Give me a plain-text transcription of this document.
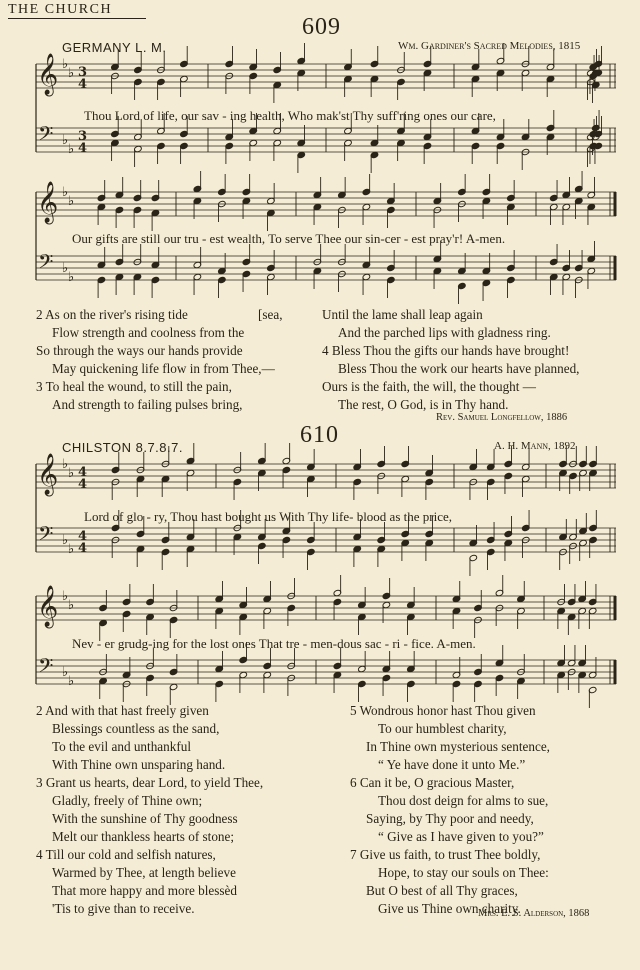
THE CHURCH
609
GERMANY L. M.	Wm. Gardiner's Sacred Melodies, 1815
𝄞
𝄢
♭
♭
♭
♭
3
4
3
4
Thou Lord of life, our sav - ing health, Who mak'st Thy suff'ring ones our care,
𝄞
𝄢
♭
♭
♭
♭
Our gifts are still our tru - est wealth, To serve Thee our sin-cer - est pray'r! A-men.
2 As on the river's rising tide
Flow strength and coolness from the
So through the ways our hands provide
May quickening life flow in from Thee,—
3 To heal the wound, to still the pain,
And strength to failing pulses bring,
[sea,	Until the lame shall leap again
And the parched lips with gladness ring.
4 Bless Thou the gifts our hands have brought!
Bless Thou the work our hearts have planned,
Ours is the faith, the will, the thought —
The rest, O God, is in Thy hand.
Rev. Samuel Longfellow, 1886
610
CHILSTON 8.7.8.7.	A. H. Mann, 1892
𝄞
𝄢
♭
♭
♭
♭
4
4
4
4
Lord of glo - ry, Thou hast bought us With Thy life- blood as the price,
𝄞
𝄢
♭
♭
♭
♭
Nev - er grudg-ing for the lost ones That tre - men-dous sac - ri - fice. A-men.
2 And with that hast freely given
Blessings countless as the sand,
To the evil and unthankful
With Thine own unsparing hand.
3 Grant us hearts, dear Lord, to yield Thee,
Gladly, freely of Thine own;
With the sunshine of Thy goodness
Melt our thankless hearts of stone;
4 Till our cold and selfish natures,
Warmed by Thee, at length believe
That more happy and more blessèd
'Tis to give than to receive.
5 Wondrous honor hast Thou given
To our humblest charity,
In Thine own mysterious sentence,
“ Ye have done it unto Me.”
6 Can it be, O gracious Master,
Thou dost deign for alms to sue,
Saying, by Thy poor and needy,
“ Give as I have given to you?”
7 Give us faith, to trust Thee boldly,
Hope, to stay our souls on Thee:
But O best of all Thy graces,
Give us Thine own charity.
Mrs. E. S. Alderson, 1868
